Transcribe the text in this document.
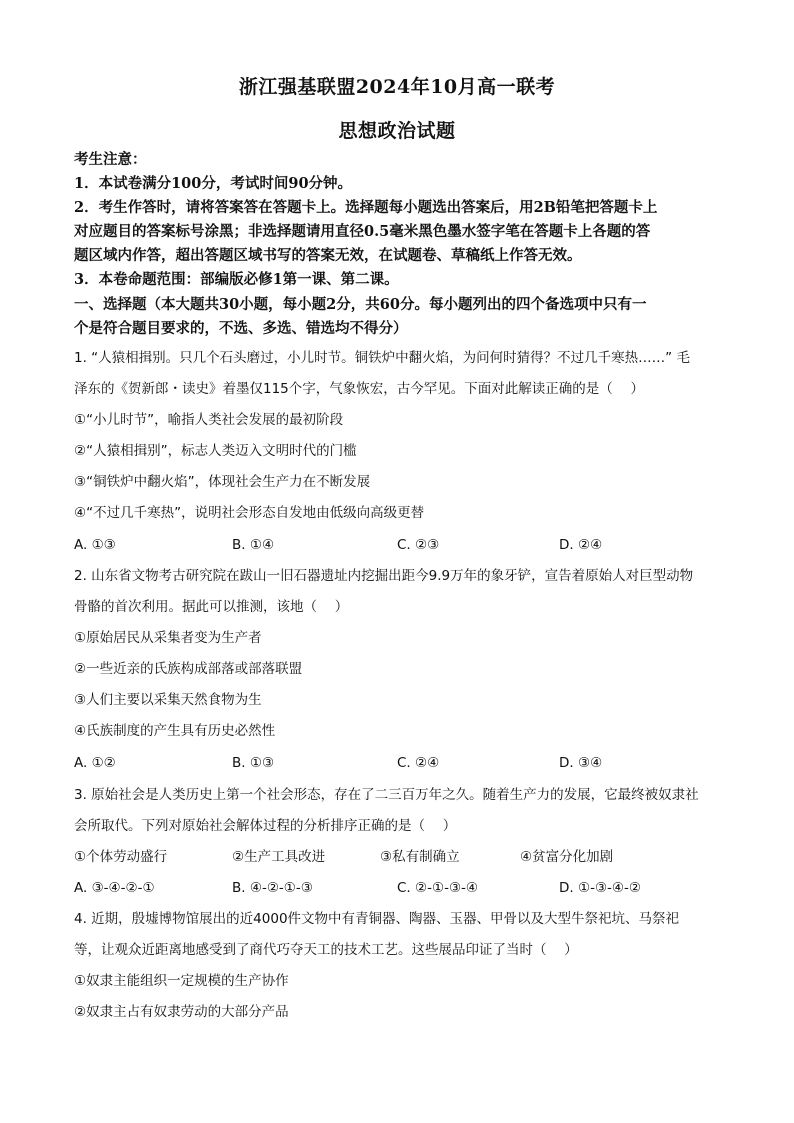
浙江强基联盟2024年10月高一联考
思想政治试题
考生注意：
1．本试卷满分100分，考试时间90分钟。
2．考生作答时，请将答案答在答题卡上。选择题每小题选出答案后，用2B铅笔把答题卡上
对应题目的答案标号涂黑；非选择题请用直径0.5毫米黑色墨水签字笔在答题卡上各题的答
题区域内作答，超出答题区域书写的答案无效，在试题卷、草稿纸上作答无效。
3．本卷命题范围：部编版必修1第一课、第二课。
一、选择题（本大题共30小题，每小题2分，共60分。每小题列出的四个备选项中只有一
个是符合题目要求的，不选、多选、错选均不得分）
1. “人猿相揖别。只几个石头磨过，小儿时节。铜铁炉中翻火焰，为问何时猜得？不过几千寒热……” 毛
泽东的《贺新郎・读史》着墨仅115个字，气象恢宏，古今罕见。下面对此解读正确的是（　 ）
①“小儿时节”，喻指人类社会发展的最初阶段
②“人猿相揖别”，标志人类迈入文明时代的门槛
③“铜铁炉中翻火焰”，体现社会生产力在不断发展
④“不过几千寒热”，说明社会形态自发地由低级向高级更替
A. ①③	B. ①④	C. ②③	D. ②④
2. 山东省文物考古研究院在跋山一旧石器遗址内挖掘出距今9.9万年的象牙铲，宣告着原始人对巨型动物
骨骼的首次利用。据此可以推测，该地（　 ）
①原始居民从采集者变为生产者
②一些近亲的氏族构成部落或部落联盟
③人们主要以采集天然食物为生
④氏族制度的产生具有历史必然性
A. ①②	B. ①③	C. ②④	D. ③④
3. 原始社会是人类历史上第一个社会形态，存在了二三百万年之久。随着生产力的发展，它最终被奴隶社
会所取代。下列对原始社会解体过程的分析排序正确的是（　 ）
①个体劳动盛行	②生产工具改进	③私有制确立	④贫富分化加剧
A. ③-④-②-①	B. ④-②-①-③	C. ②-①-③-④	D. ①-③-④-②
4. 近期，殷墟博物馆展出的近4000件文物中有青铜器、陶器、玉器、甲骨以及大型牛祭祀坑、马祭祀
等，让观众近距离地感受到了商代巧夺天工的技术工艺。这些展品印证了当时（　 ）
①奴隶主能组织一定规模的生产协作
②奴隶主占有奴隶劳动的大部分产品
